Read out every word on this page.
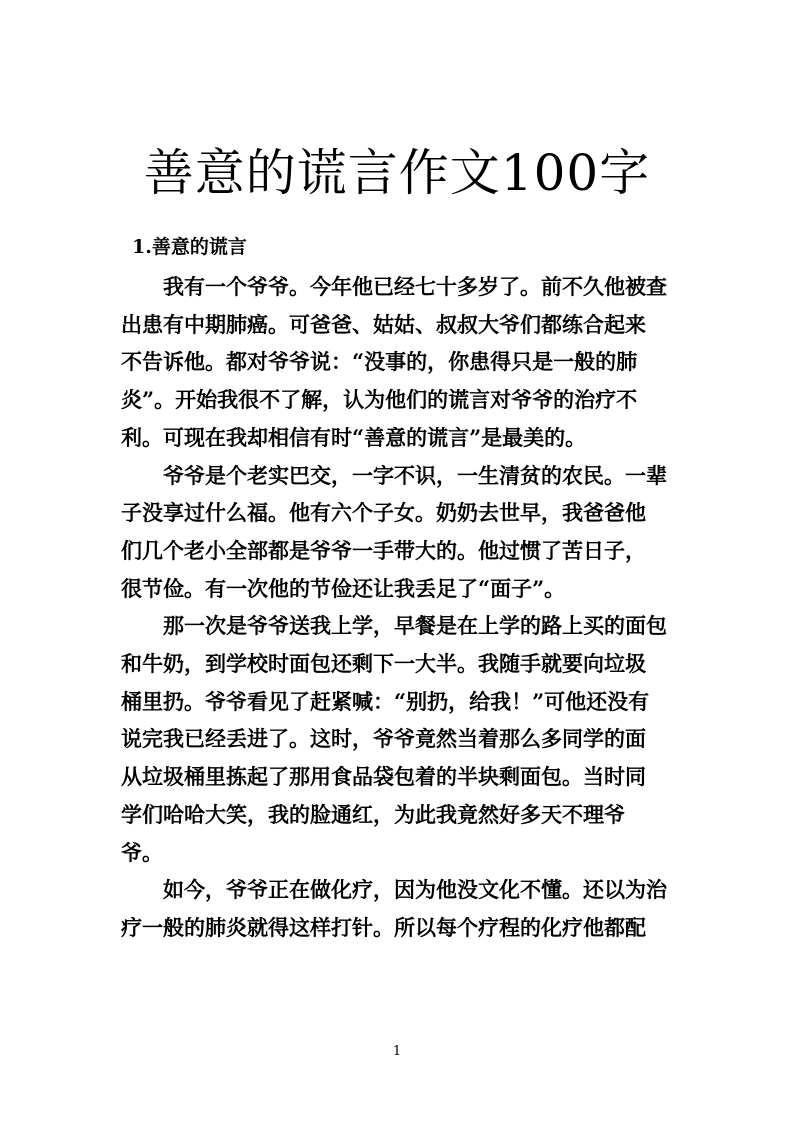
善意的谎言作文100字
1.善意的谎言
我有一个爷爷。今年他已经七十多岁了。前不久他被查
出患有中期肺癌。可爸爸、姑姑、叔叔大爷们都练合起来
不告诉他。都对爷爷说：“没事的，你患得只是一般的肺
炎”。开始我很不了解，认为他们的谎言对爷爷的治疗不
利。可现在我却相信有时“善意的谎言”是最美的。
爷爷是个老实巴交，一字不识，一生清贫的农民。一辈
子没享过什么福。他有六个子女。奶奶去世早，我爸爸他
们几个老小全部都是爷爷一手带大的。他过惯了苦日子，
很节俭。有一次他的节俭还让我丢足了“面子”。
那一次是爷爷送我上学，早餐是在上学的路上买的面包
和牛奶，到学校时面包还剩下一大半。我随手就要向垃圾
桶里扔。爷爷看见了赶紧喊：“别扔，给我！”可他还没有
说完我已经丢进了。这时，爷爷竟然当着那么多同学的面
从垃圾桶里拣起了那用食品袋包着的半块剩面包。当时同
学们哈哈大笑，我的脸通红，为此我竟然好多天不理爷
爷。
如今，爷爷正在做化疗，因为他没文化不懂。还以为治
疗一般的肺炎就得这样打针。所以每个疗程的化疗他都配
1
